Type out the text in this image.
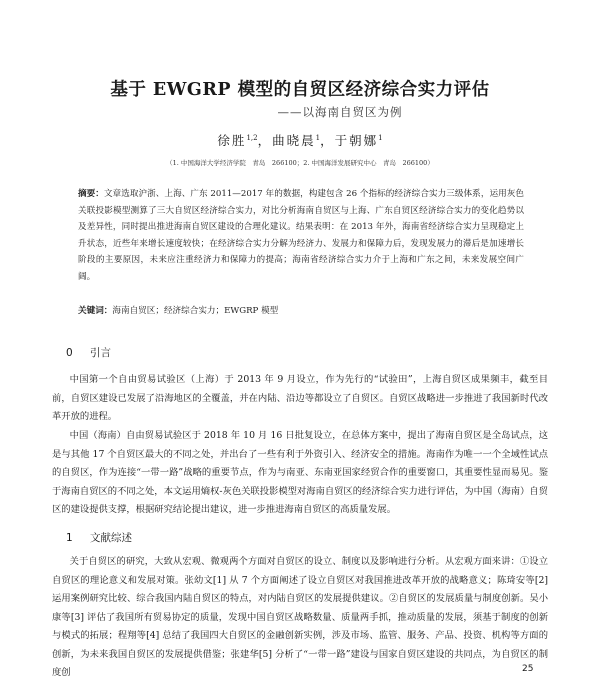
基于 EWGRP 模型的自贸区经济综合实力评估
——以海南自贸区为例
徐胜$^{1,2}$，曲晓晨$^1$，于朝娜$^1$
（1. 中国海洋大学经济学院　青岛　266100；2. 中国海洋发展研究中心　青岛　266100）
摘要：文章选取沪浙、上海、广东 2011—2017 年的数据，构建包含 26 个指标的经济综合实力三级体系，运用灰色关联投影模型测算了三大自贸区经济综合实力，对比分析海南自贸区与上海、广东自贸区经济综合实力的变化趋势以及差异性，同时提出推进海南自贸区建设的合理化建议。结果表明：在 2013 年外，海南省经济综合实力呈现稳定上升状态，近些年来增长速度较快；在经济综合实力分解为经济力、发展力和保障力后，发现发展力的滞后是加速增长阶段的主要原因，未来应注重经济力和保障力的提高；海南省经济综合实力介于上海和广东之间，未来发展空间广阔。
关键词：海南自贸区；经济综合实力；EWGRP 模型
0 引言

中国第一个自由贸易试验区（上海）于 2013 年 9 月设立，作为先行的“试验田”，上海自贸区成果频丰，截至目前，自贸区建设已发展了沿海地区的全覆盖，并在内陆、沿边等都设立了自贸区。自贸区战略进一步推进了我国新时代改革开放的进程。

中国（海南）自由贸易试验区于 2018 年 10 月 16 日批复设立，在总体方案中，提出了海南自贸区是全岛试点，这是与其他 17 个自贸区最大的不同之处，并出台了一些有利于外资引入、经济安全的措施。海南作为唯一一个全域性试点的自贸区，作为连接“一带一路”战略的重要节点，作为与南亚、东南亚国家经贸合作的重要窗口，其重要性显而易见。鉴于海南自贸区的不同之处，本文运用熵权-灰色关联投影模型对海南自贸区的经济综合实力进行评估，为中国（海南）自贸区的建设提供支撑，根据研究结论提出建议，进一步推进海南自贸区的高质量发展。

1 文献综述

关于自贸区的研究，大致从宏观、微观两个方面对自贸区的设立、制度以及影响进行分析。从宏观方面来讲：①设立自贸区的理论意义和发展对策。张幼文[1] 从 7 个方面阐述了设立自贸区对我国推进改革开放的战略意义；陈琦安等[2] 运用案例研究比较、综合我国内陆自贸区的特点，对内陆自贸区的发展提供建议。②自贸区的发展质量与制度创新。吴小康等[3] 评估了我国所有贸易协定的质量，发现中国自贸区战略数量、质量两手抓，推动质量的发展，须基于制度的创新与模式的拓展；程翔等[4] 总结了我国四大自贸区的金融创新实例，涉及市场、监管、服务、产品、投资、机构等方面的创新，为未来我国自贸区的发展提供借鉴；张建华[5] 分析了“一带一路”建设与国家自贸区建设的共同点，为自贸区的制度创	25
